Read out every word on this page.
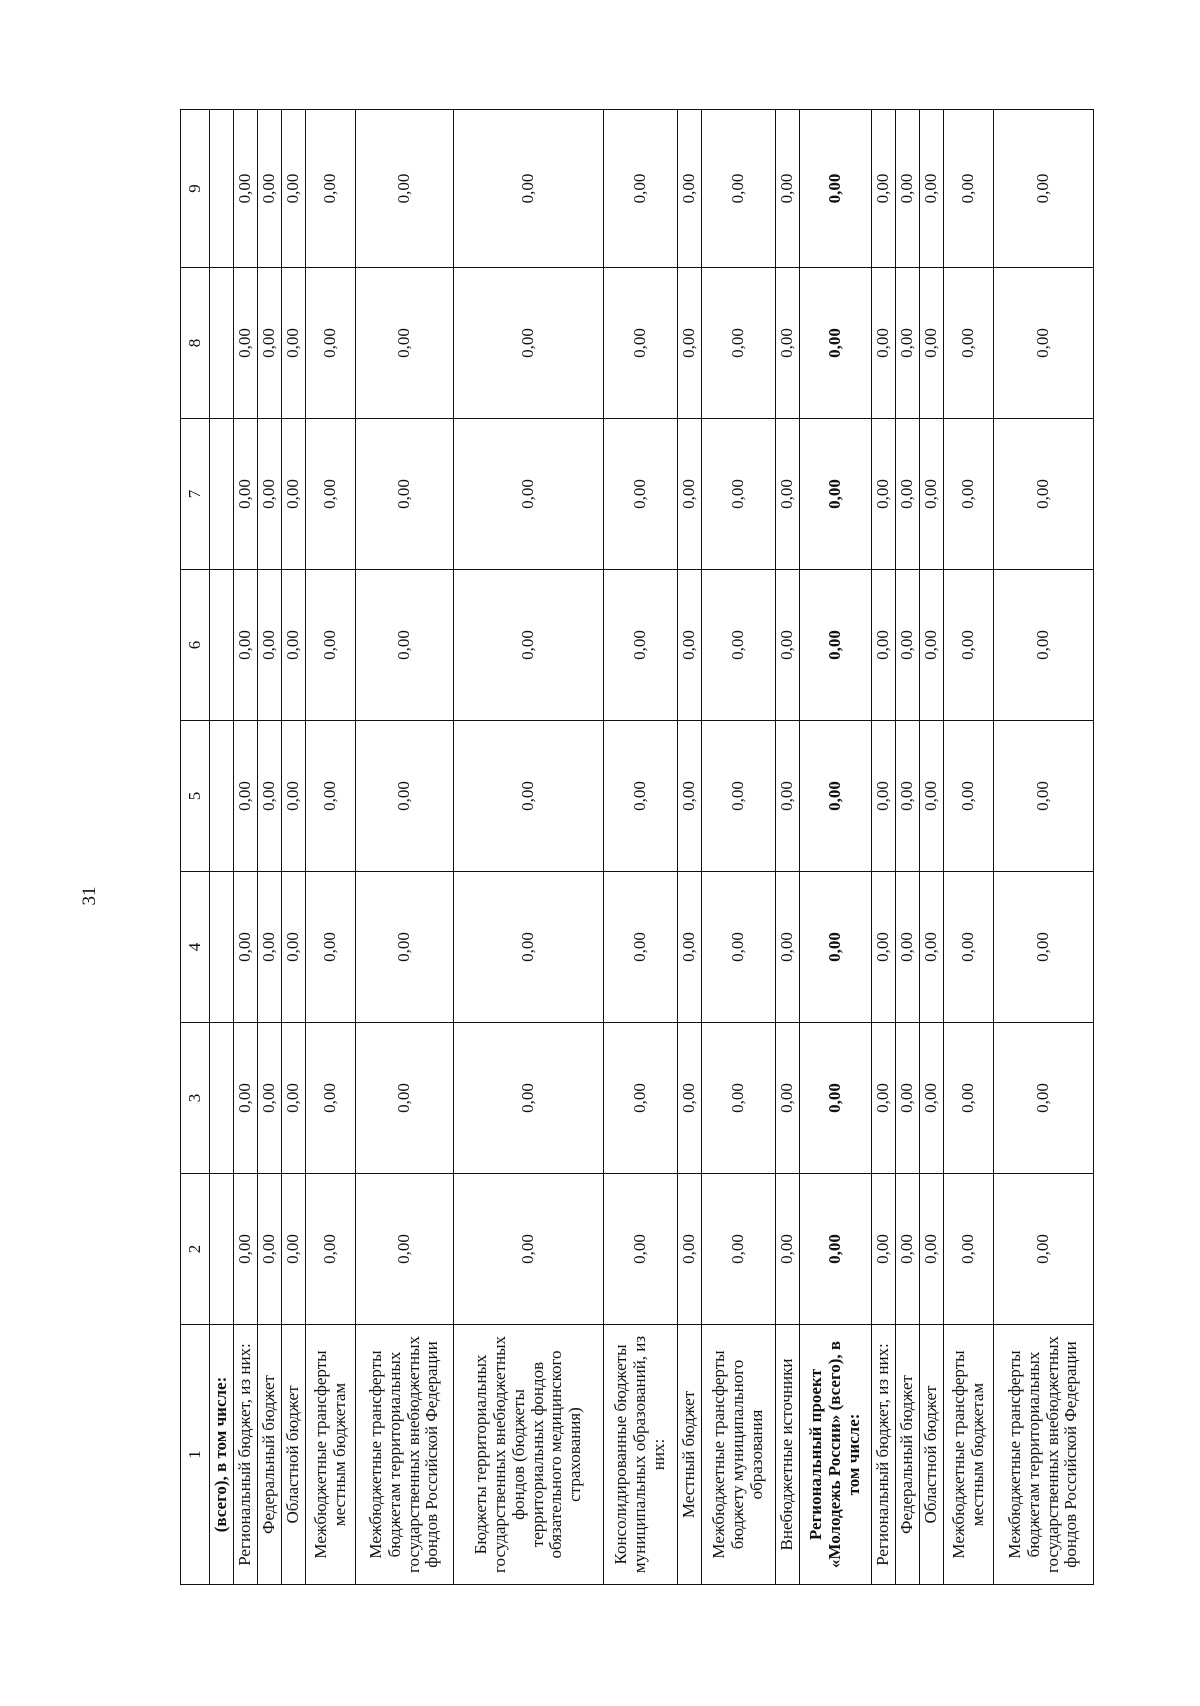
31
1	2	3	4	5	6	7	8	9
(всего), в том числе:								
Региональный бюджет, из них:	0,00	0,00	0,00	0,00	0,00	0,00	0,00	0,00
Федеральный бюджет	0,00	0,00	0,00	0,00	0,00	0,00	0,00	0,00
Областной бюджет	0,00	0,00	0,00	0,00	0,00	0,00	0,00	0,00
Межбюджетные трансферты местным бюджетам	0,00	0,00	0,00	0,00	0,00	0,00	0,00	0,00
Межбюджетные трансферты бюджетам территориальных государственных внебюджетных фондов Российской Федерации	0,00	0,00	0,00	0,00	0,00	0,00	0,00	0,00
Бюджеты территориальных государственных внебюджетных фондов (бюджеты территориальных фондов обязательного медицинского страхования)	0,00	0,00	0,00	0,00	0,00	0,00	0,00	0,00
Консолидированные бюджеты муниципальных образований, из них:	0,00	0,00	0,00	0,00	0,00	0,00	0,00	0,00
Местный бюджет	0,00	0,00	0,00	0,00	0,00	0,00	0,00	0,00
Межбюджетные трансферты бюджету муниципального образования	0,00	0,00	0,00	0,00	0,00	0,00	0,00	0,00
Внебюджетные источники	0,00	0,00	0,00	0,00	0,00	0,00	0,00	0,00
Региональный проект «Молодежь России» (всего), в том числе:	0,00	0,00	0,00	0,00	0,00	0,00	0,00	0,00
Региональный бюджет, из них:	0,00	0,00	0,00	0,00	0,00	0,00	0,00	0,00
Федеральный бюджет	0,00	0,00	0,00	0,00	0,00	0,00	0,00	0,00
Областной бюджет	0,00	0,00	0,00	0,00	0,00	0,00	0,00	0,00
Межбюджетные трансферты местным бюджетам	0,00	0,00	0,00	0,00	0,00	0,00	0,00	0,00
Межбюджетные трансферты бюджетам территориальных государственных внебюджетных фондов Российской Федерации	0,00	0,00	0,00	0,00	0,00	0,00	0,00	0,00
